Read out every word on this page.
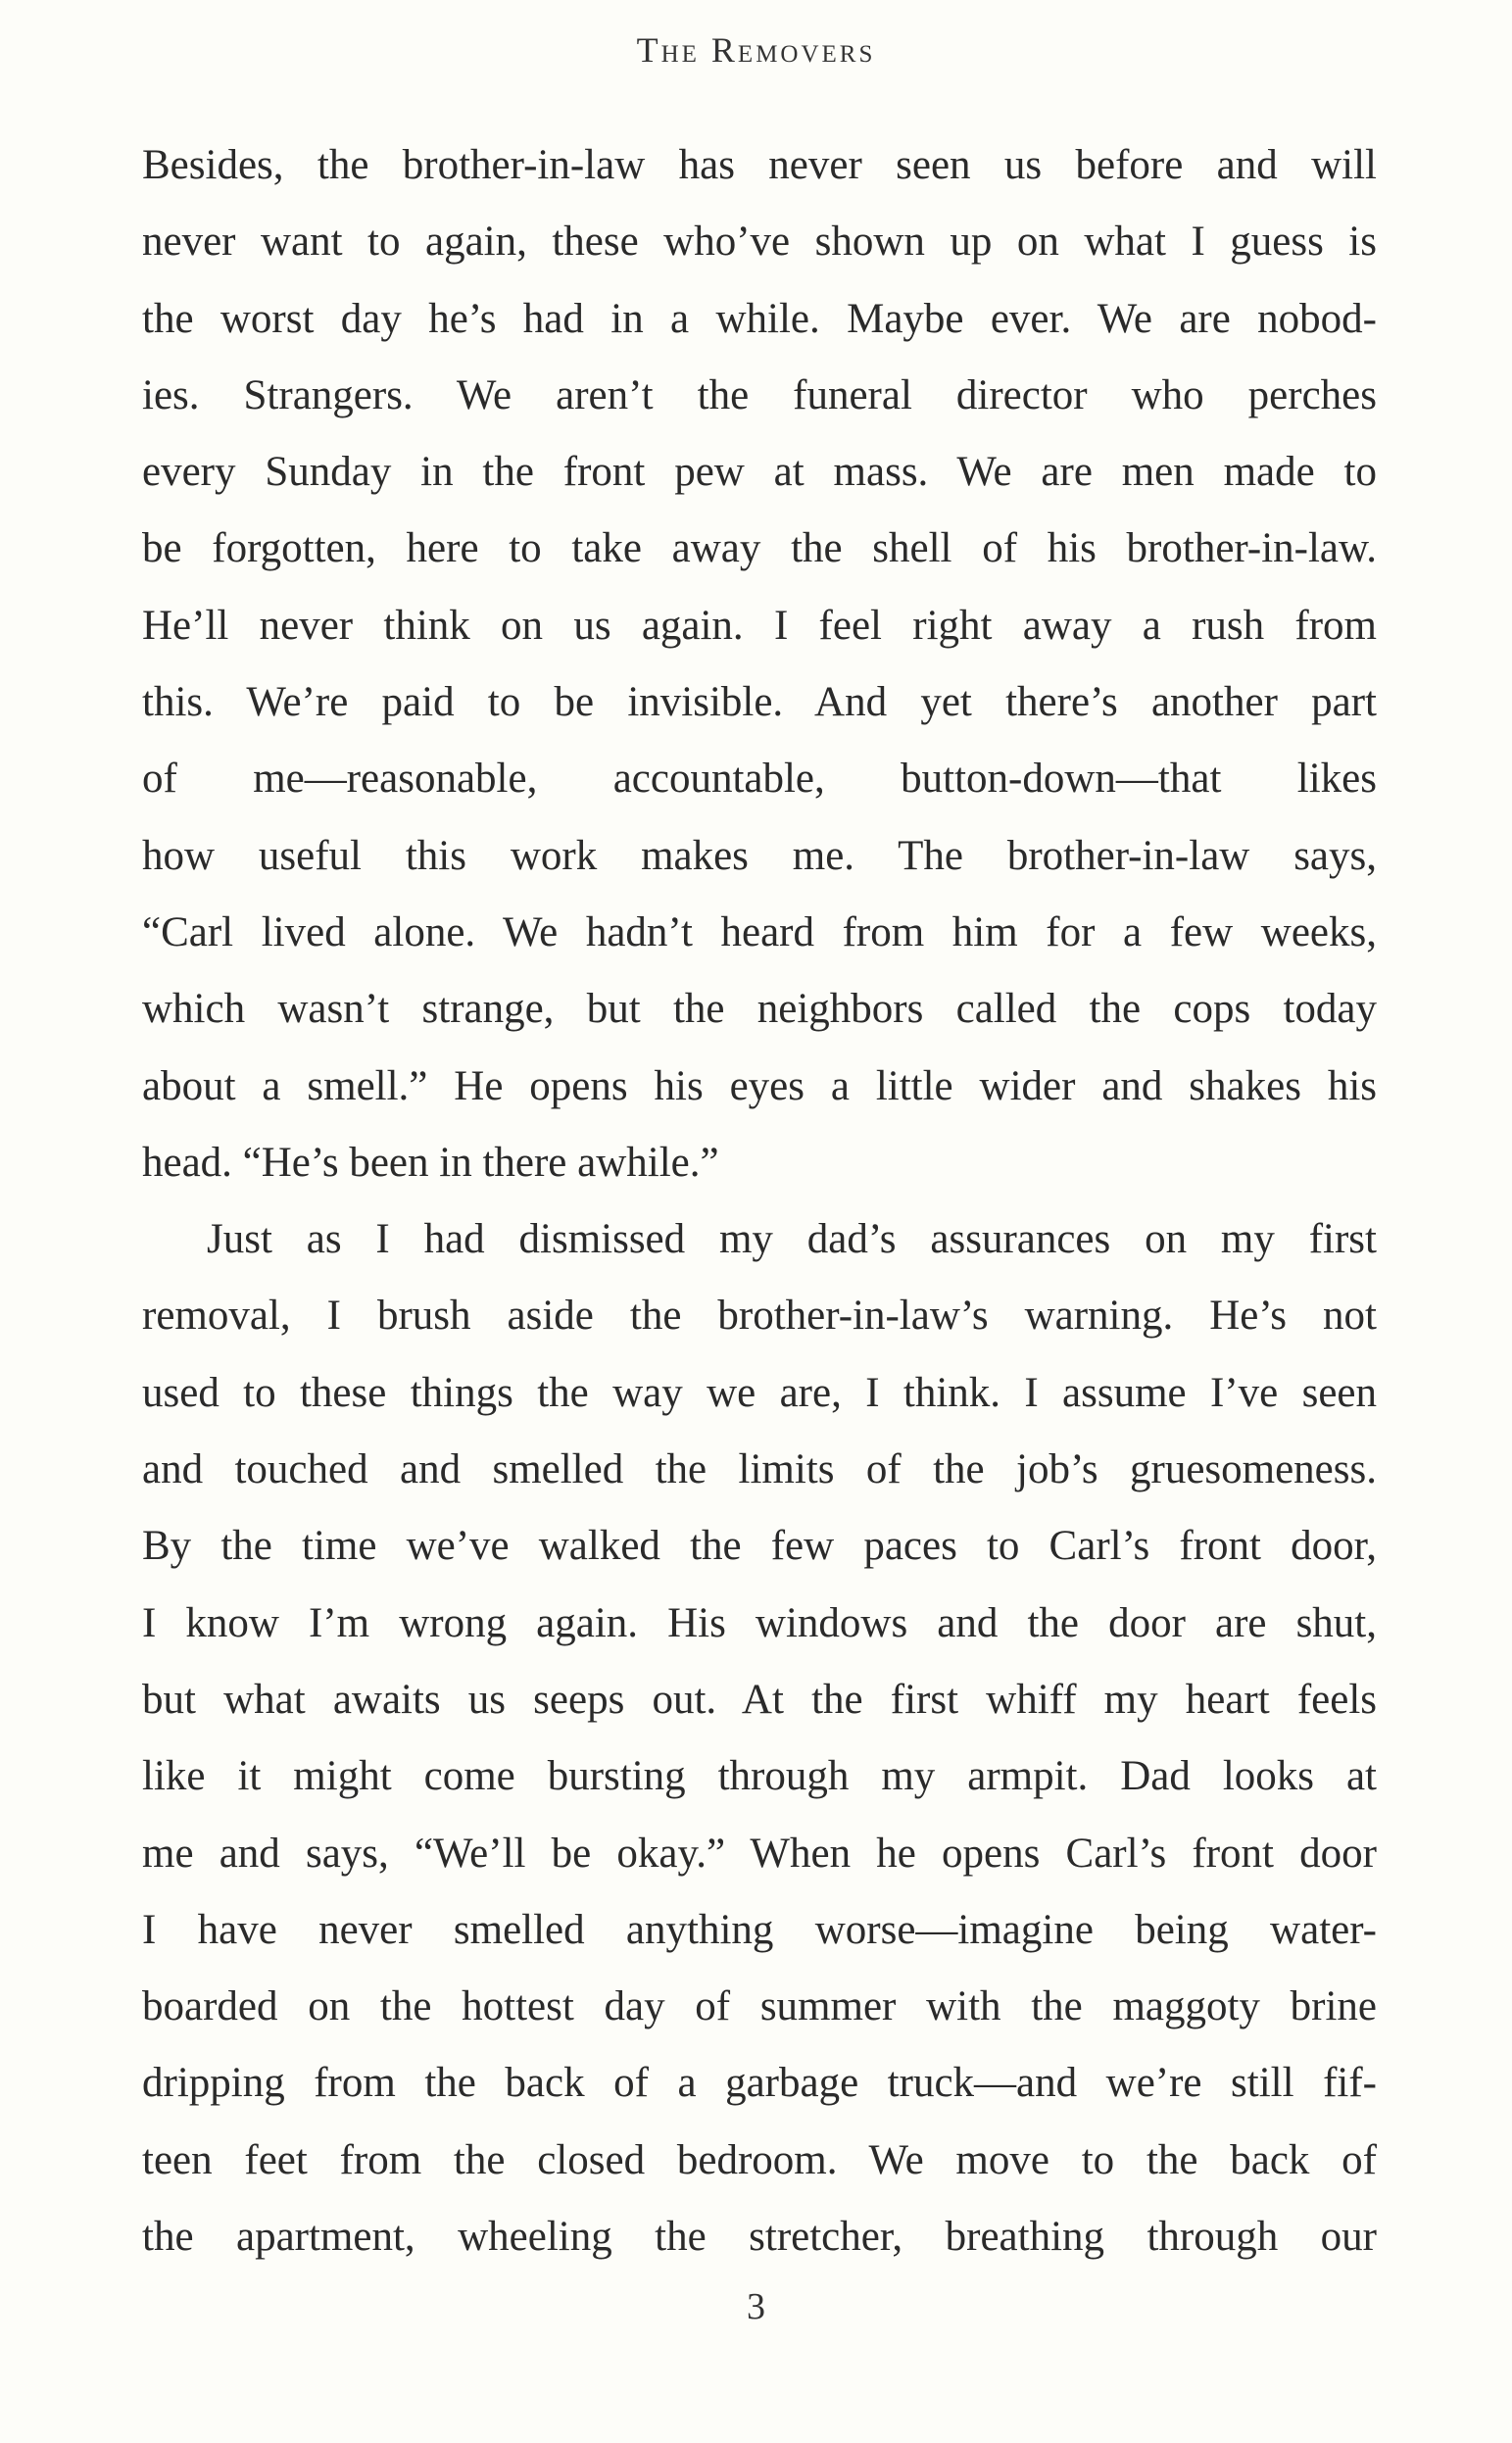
The Removers
Besides, the brother-in-law has never seen us before and will
never want to again, these who’ve shown up on what I guess is
the worst day he’s had in a while. Maybe ever. We are nobod-
ies. Strangers. We aren’t the funeral director who perches
every Sunday in the front pew at mass. We are men made to
be forgotten, here to take away the shell of his brother-in-law.
He’ll never think on us again. I feel right away a rush from
this. We’re paid to be invisible. And yet there’s another part
of me—reasonable, accountable, button-down—that likes
how useful this work makes me. The brother-in-law says,
“Carl lived alone. We hadn’t heard from him for a few weeks,
which wasn’t strange, but the neighbors called the cops today
about a smell.” He opens his eyes a little wider and shakes his
head. “He’s been in there awhile.”
Just as I had dismissed my dad’s assurances on my first
removal, I brush aside the brother-in-law’s warning. He’s not
used to these things the way we are, I think. I assume I’ve seen
and touched and smelled the limits of the job’s gruesomeness.
By the time we’ve walked the few paces to Carl’s front door,
I know I’m wrong again. His windows and the door are shut,
but what awaits us seeps out. At the first whiff my heart feels
like it might come bursting through my armpit. Dad looks at
me and says, “We’ll be okay.” When he opens Carl’s front door
I have never smelled anything worse—imagine being water-
boarded on the hottest day of summer with the maggoty brine
dripping from the back of a garbage truck—and we’re still fif-
teen feet from the closed bedroom. We move to the back of
the apartment, wheeling the stretcher, breathing through our
3
